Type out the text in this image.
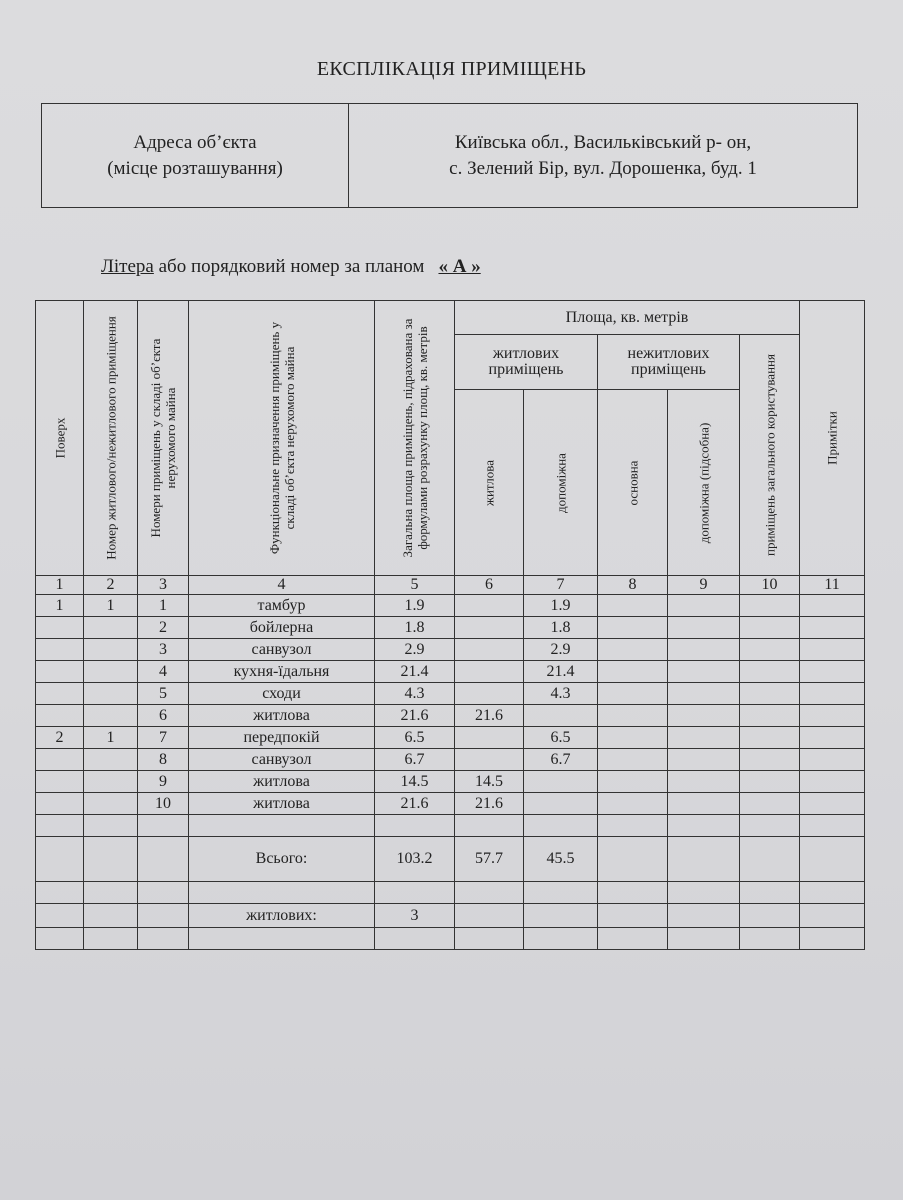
ЕКСПЛІКАЦІЯ ПРИМІЩЕНЬ
Адреса об’єкта
(місце розташування)
Київська обл., Васильківський р- он,
с. Зелений Бір, вул. Дорошенка, буд. 1
Літера або порядковий номер за планом « А »
Поверх	Номер житлового/нежитлового приміщення	Номери приміщень у складі об’єкта нерухомого майна	Функціональне призначення приміщень у складі об’єкта нерухомого майна	Загальна площа приміщень, підрахована за формулами розрахунку площ, кв. метрів	Площа, кв. метрів					Примітки

					житлових приміщень		нежитлових приміщень		приміщень загального користування	

					житлова	допоміжна	основна	допоміжна (підсобна)		

1	2	3	4	5	6	7	8	9	10	11
1	1	1	тамбур	1.9		1.9				
		2	бойлерна	1.8		1.8				
		3	санвузол	2.9		2.9				
		4	кухня-їдальня	21.4		21.4				
		5	сходи	4.3		4.3				
		6	житлова	21.6	21.6					
2	1	7	передпокій	6.5		6.5				
		8	санвузол	6.7		6.7				
		9	житлова	14.5	14.5					
		10	житлова	21.6	21.6					

			Всього:	103.2	57.7	45.5				

			житлових:	3						
